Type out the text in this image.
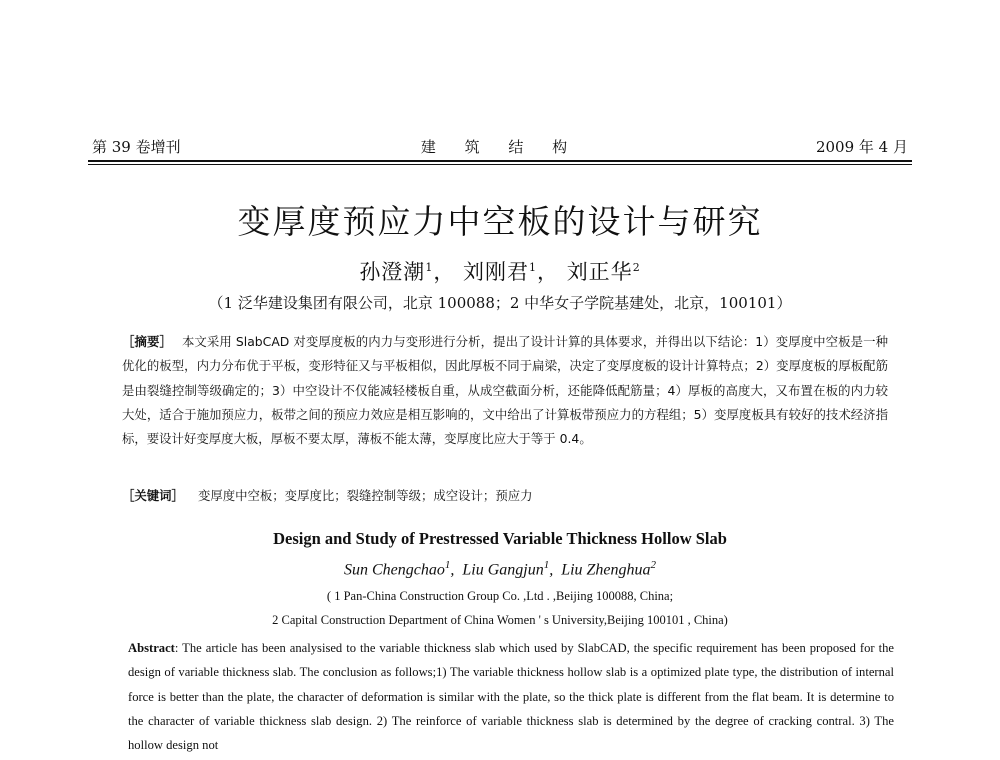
第 39 卷增刊	建 筑 结 构	2009 年 4 月
变厚度预应力中空板的设计与研究
孙澄潮$^1$， 刘刚君$^1$， 刘正华$^2$
（1 泛华建设集团有限公司，北京 100088；2 中华女子学院基建处，北京，100101）
［摘要］ 本文采用 SlabCAD 对变厚度板的内力与变形进行分析，提出了设计计算的具体要求，并得出以下结论：1）变厚度中空板是一种优化的板型，内力分布优于平板，变形特征又与平板相似，因此厚板不同于扁梁，决定了变厚度板的设计计算特点；2）变厚度板的厚板配筋是由裂缝控制等级确定的；3）中空设计不仅能减轻楼板自重，从成空截面分析，还能降低配筋量；4）厚板的高度大，又布置在板的内力较大处，适合于施加预应力，板带之间的预应力效应是相互影响的，文中给出了计算板带预应力的方程组；5）变厚度板具有较好的技术经济指标，要设计好变厚度大板，厚板不要太厚，薄板不能太薄，变厚度比应大于等于 0.4。
［关键词］ 变厚度中空板；变厚度比；裂缝控制等级；成空设计；预应力
Design and Study of Prestressed Variable Thickness Hollow Slab
Sun Chengchao$^1$,  Liu Gangjun$^1$,  Liu Zhenghua$^2$
( 1 Pan-China Construction Group Co. ,Ltd . ,Beijing 100088, China;
2 Capital Construction Department of China Women ' s University,Beijing 100101 , China)
Abstract: The article has been analysised to the variable thickness slab which used by SlabCAD, the specific requirement has been proposed for the design of variable thickness slab. The conclusion as follows;1) The variable thickness hollow slab is a optimized plate type, the distribution of internal force is better than the plate, the character of deformation is similar with the plate, so the thick plate is different from the flat beam. It is determine to the character of variable thickness slab design. 2) The reinforce of variable thickness slab is determined by the degree of cracking contral. 3) The hollow design not
